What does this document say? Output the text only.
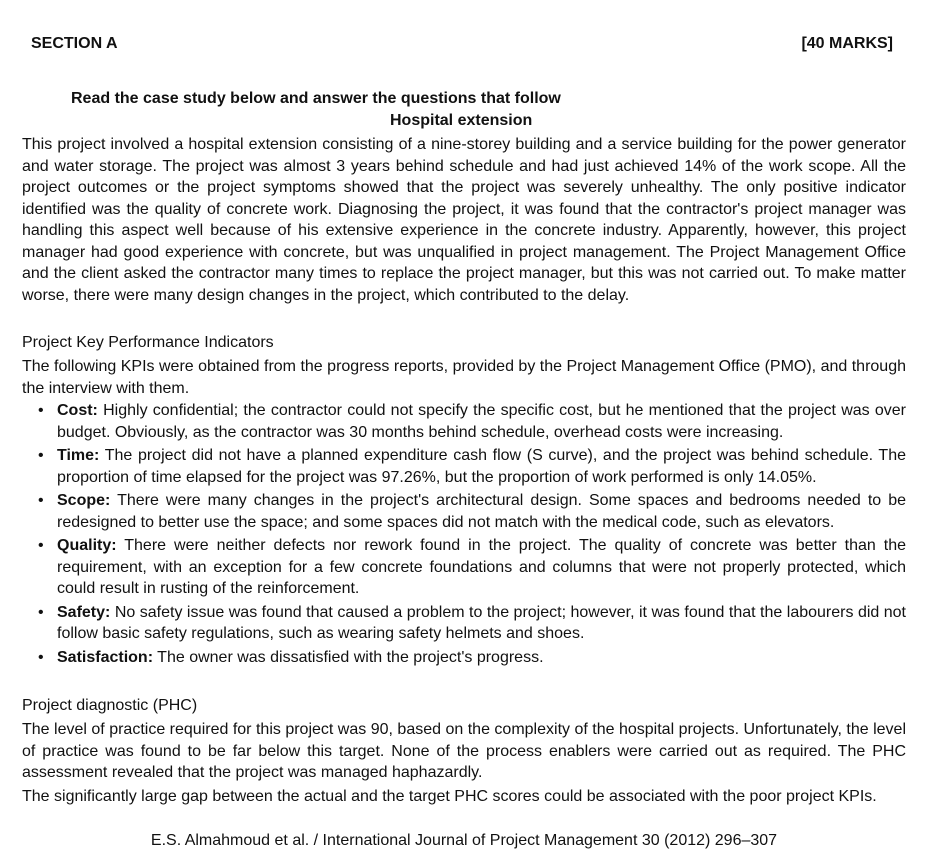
SECTION A	[40 MARKS]
Read the case study below and answer the questions that follow
Hospital extension
This project involved a hospital extension consisting of a nine-storey building and a service building for the power generator and water storage. The project was almost 3 years behind schedule and had just achieved 14% of the work scope. All the project outcomes or the project symptoms showed that the project was severely unhealthy. The only positive indicator identified was the quality of concrete work. Diagnosing the project, it was found that the contractor's project manager was handling this aspect well because of his extensive experience in the concrete industry. Apparently, however, this project manager had good experience with concrete, but was unqualified in project management. The Project Management Office and the client asked the contractor many times to replace the project manager, but this was not carried out. To make matter worse, there were many design changes in the project, which contributed to the delay.
Project Key Performance Indicators
The following KPIs were obtained from the progress reports, provided by the Project Management Office (PMO), and through the interview with them.
• Cost: Highly confidential; the contractor could not specify the specific cost, but he mentioned that the project was over budget. Obviously, as the contractor was 30 months behind schedule, overhead costs were increasing.
• Time: The project did not have a planned expenditure cash flow (S curve), and the project was behind schedule. The proportion of time elapsed for the project was 97.26%, but the proportion of work performed is only 14.05%.
• Scope: There were many changes in the project's architectural design. Some spaces and bedrooms needed to be redesigned to better use the space; and some spaces did not match with the medical code, such as elevators.
• Quality: There were neither defects nor rework found in the project. The quality of concrete was better than the requirement, with an exception for a few concrete foundations and columns that were not properly protected, which could result in rusting of the reinforcement.
• Safety: No safety issue was found that caused a problem to the project; however, it was found that the labourers did not follow basic safety regulations, such as wearing safety helmets and shoes.
• Satisfaction: The owner was dissatisfied with the project's progress.
Project diagnostic (PHC)
The level of practice required for this project was 90, based on the complexity of the hospital projects. Unfortunately, the level of practice was found to be far below this target. None of the process enablers were carried out as required. The PHC assessment revealed that the project was managed haphazardly.
The significantly large gap between the actual and the target PHC scores could be associated with the poor project KPIs.
E.S. Almahmoud et al. / International Journal of Project Management 30 (2012) 296–307
